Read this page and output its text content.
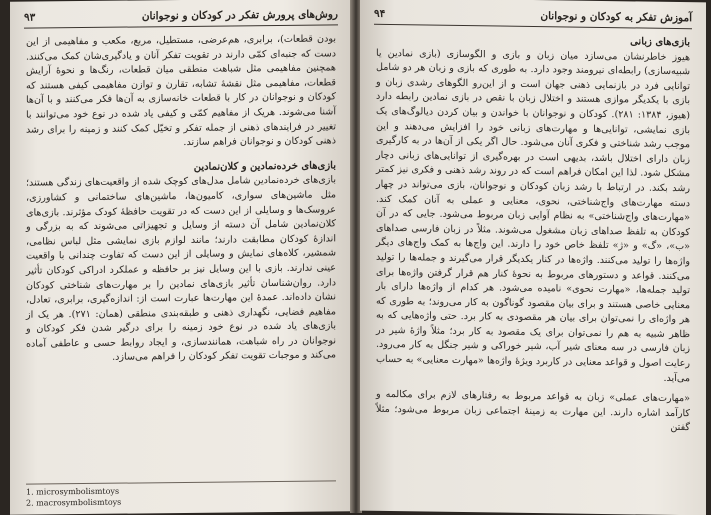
۹۳	روش‌های پرورش تفکر در کودکان و نوجوانان

بودن قطعات)، برابری، هم‌عرضی، مستطیل، مربع، مکعب و مفاهیمی از این دست که جنبه‌ای کمّی دارند در تقویت تفکر آنان و یادگیری‌شان کمک می‌کنند. همچنین مفاهیمی مثل شباهت منطقی میان قطعات، رنگ‌ها و نحوهٔ آرایش قطعات، مفاهیمی مثل نقشهٔ تشابه، تقارن و توازن مفاهیمی کیفی هستند که کودکان و نوجوانان در کار با قطعات خانه‌سازی به آن‌ها فکر می‌کنند و با آن‌ها آشنا می‌شوند. هریک از مفاهیم کمّی و کیفی یاد شده در نوع خود می‌توانند با تغییر در فرایندهای ذهنی از جمله تفکر و تخیّل کمک کنند و زمینه را برای رشد ذهنی کودکان و نوجوانان فراهم سازند.

بازی‌های خرده‌نمادین و کلان‌نمادین

بازی‌های خرده‌نمادین شامل مدل‌های کوچک شده از واقعیت‌های زندگی هستند؛ مثل ماشین‌های سواری، کامیون‌ها، ماشین‌های ساختمانی و کشاورزی، عروسک‌ها و وسایلی از این دست که در تقویت حافظهٔ کودک مؤثرند. بازی‌های کلان‌نمادین شامل آن دسته از وسایل و تجهیزاتی می‌شوند که به بزرگی و اندازهٔ کودکان مطابقت دارند؛ مانند لوازم بازی نمایشی مثل لباس نظامی، شمشیر، کلاه‌های نمایش و وسایلی از این دست که تفاوت چندانی با واقعیت عینی ندارند. بازی با این وسایل نیز بر حافظه و عملکرد ادراکی کودکان تأثیر دارد. روان‌شناسان تأثیر بازی‌های نمادین را بر مهارت‌های شناختی کودکان نشان داده‌اند. عمدهٔ این مهارت‌ها عبارت است از: اندازه‌گیری، برابری، تعادل، مفاهیم فضایی، نگهداری ذهنی و طبقه‌بندی منطقی (همان: ۲۷۱). هر یک از بازی‌های یاد شده در نوع خود زمینه را برای درگیر شدن فکر کودکان و نوجوانان در راه شباهت، همانندسازی، و ایجاد روابط حسی و عاطفی آماده می‌کند و موجبات تقویت تفکر کودکان را فراهم می‌سازد.

1. microsymbolismtoys
2. macrosymbolismtoys
۹۴	آموزش تفکر به کودکان و نوجوانان

بازی‌های زبانی

هیوز خاطرنشان می‌سازد میان زبان و بازی و الگوسازی (بازی نمادین یا شبیه‌سازی) رابطه‌ای نیرومند وجود دارد. به طوری که بازی و زبان هر دو شامل توانایی فرد در بازنمایی ذهنی جهان است و از این‌رو الگوهای رشدی زبان و بازی با یکدیگر موازی هستند و اختلال زبان با نقص در بازی نمادین رابطه دارد (هیوز، ۱۳۸۴: ۲۸۱). کودکان و نوجوانان با خواندن و بیان کردن دیالوگ‌های یک بازی نمایشی، توانایی‌ها و مهارت‌های زبانی خود را افزایش می‌دهند و این موجب رشد شناختی و فکری آنان می‌شود. حال اگر یکی از آن‌ها در به کارگیری زبان دارای اختلال باشد، بدیهی است در بهره‌گیری از توانایی‌های زبانی دچار مشکل شود. لذا این امکان فراهم است که در روند رشد ذهنی و فکری نیز کمتر رشد بکند. در ارتباط با رشد زبان کودکان و نوجوانان، بازی می‌تواند در چهار دسته مهارت‌های واج‌شناختی، نحوی، معنایی و عملی به آنان کمک کند. «مهارت‌های واج‌شناختی» به نظام آوایی زبان مربوط می‌شود. جایی که در آن کودکان به تلفظ صداهای زبان مشغول می‌شوند. مثلاً در زبان فارسی صداهای «ب»، «گ» و «ژ» تلفظ خاص خود را دارند. این واج‌ها به کمک واج‌های دیگر واژه‌ها را تولید می‌کنند. واژه‌ها در کنار یکدیگر قرار می‌گیرند و جمله‌ها را تولید می‌کنند. قواعد و دستورهای مربوط به نحوهٔ کنار هم قرار گرفتن واژه‌ها برای تولید جمله‌ها، «مهارت نحوی» نامیده می‌شود. هر کدام از واژه‌ها دارای بار معنایی خاصی هستند و برای بیان مقصود گوناگون به کار می‌روند؛ به طوری که هر واژه‌ای را نمی‌توان برای بیان هر مقصودی به کار برد. حتی واژه‌هایی که به ظاهر شبیه به هم را نمی‌توان برای یک مقصود به کار برد؛ مثلاً واژهٔ شیر در زبان فارسی در سه معنای شیر آب، شیر خوراکی و شیر جنگل به کار می‌رود. رعایت اصول و قواعد معنایی در کاربرد ویژهٔ واژه‌ها «مهارت معنایی» به حساب می‌آید.

«مهارت‌های عملی» زبان به قواعد مربوط به رفتارهای لازم برای مکالمه و کارآمد اشاره دارند. این مهارت به زمینهٔ اجتماعی زبان مربوط می‌شود؛ مثلاً گفتن
